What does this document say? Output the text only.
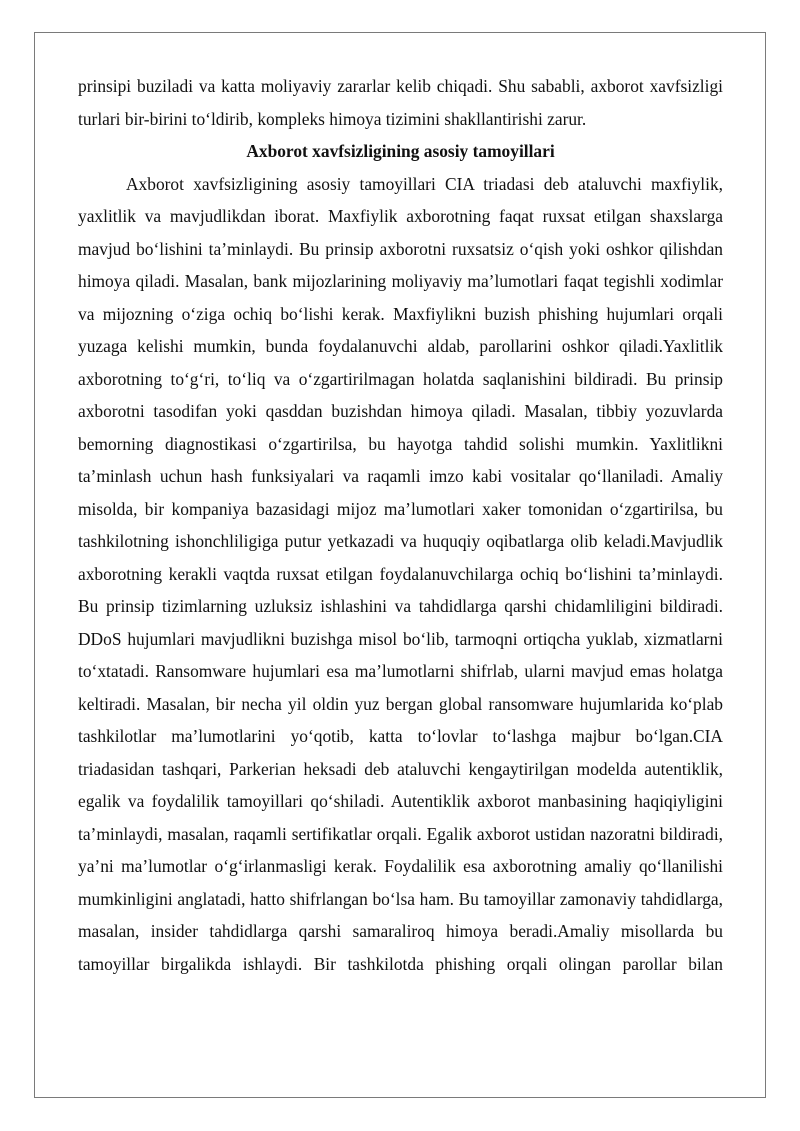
prinsipi buziladi va katta moliyaviy zararlar kelib chiqadi. Shu sababli, axborot xavfsizligi turlari bir-birini to‘ldirib, kompleks himoya tizimini shakllantirishi zarur.

Axborot xavfsizligining asosiy tamoyillari

Axborot xavfsizligining asosiy tamoyillari CIA triadasi deb ataluvchi maxfiylik, yaxlitlik va mavjudlikdan iborat. Maxfiylik axborotning faqat ruxsat etilgan shaxslarga mavjud bo‘lishini ta’minlaydi. Bu prinsip axborotni ruxsatsiz o‘qish yoki oshkor qilishdan himoya qiladi. Masalan, bank mijozlarining moliyaviy ma’lumotlari faqat tegishli xodimlar va mijozning o‘ziga ochiq bo‘lishi kerak. Maxfiylikni buzish phishing hujumlari orqali yuzaga kelishi mumkin, bunda foydalanuvchi aldab, parollarini oshkor qiladi.Yaxlitlik axborotning to‘g‘ri, to‘liq va o‘zgartirilmagan holatda saqlanishini bildiradi. Bu prinsip axborotni tasodifan yoki qasddan buzishdan himoya qiladi. Masalan, tibbiy yozuvlarda bemorning diagnostikasi o‘zgartirilsa, bu hayotga tahdid solishi mumkin. Yaxlitlikni ta’minlash uchun hash funksiyalari va raqamli imzo kabi vositalar qo‘llaniladi. Amaliy misolda, bir kompaniya bazasidagi mijoz ma’lumotlari xaker tomonidan o‘zgartirilsa, bu tashkilotning ishonchliligiga putur yetkazadi va huquqiy oqibatlarga olib keladi.Mavjudlik axborotning kerakli vaqtda ruxsat etilgan foydalanuvchilarga ochiq bo‘lishini ta’minlaydi. Bu prinsip tizimlarning uzluksiz ishlashini va tahdidlarga qarshi chidamliligini bildiradi. DDoS hujumlari mavjudlikni buzishga misol bo‘lib, tarmoqni ortiqcha yuklab, xizmatlarni to‘xtatadi. Ransomware hujumlari esa ma’lumotlarni shifrlab, ularni mavjud emas holatga keltiradi. Masalan, bir necha yil oldin yuz bergan global ransomware hujumlarida ko‘plab tashkilotlar ma’lumotlarini yo‘qotib, katta to‘lovlar to‘lashga majbur bo‘lgan.CIA triadasidan tashqari, Parkerian heksadi deb ataluvchi kengaytirilgan modelda autentiklik, egalik va foydalilik tamoyillari qo‘shiladi. Autentiklik axborot manbasining haqiqiyligini ta’minlaydi, masalan, raqamli sertifikatlar orqali. Egalik axborot ustidan nazoratni bildiradi, ya’ni ma’lumotlar o‘g‘irlanmasligi kerak. Foydalilik esa axborotning amaliy qo‘llanilishi mumkinligini anglatadi, hatto shifrlangan bo‘lsa ham. Bu tamoyillar zamonaviy tahdidlarga, masalan, insider tahdidlarga qarshi samaraliroq himoya beradi.Amaliy misollarda bu tamoyillar birgalikda ishlaydi. Bir tashkilotda phishing orqali olingan parollar bilan
